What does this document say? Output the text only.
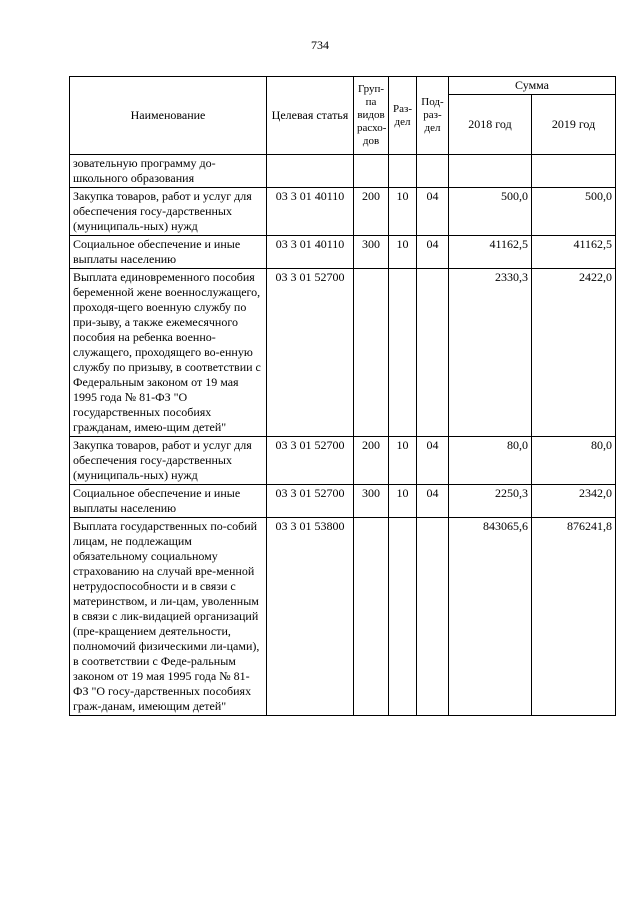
734
Наименование	Целевая статья	Груп-па видов расхо-дов	Раз-дел	Под-раз-дел	Сумма	
					2018 год	2019 год
зовательную программу до-школьного образования						
Закупка товаров, работ и услуг для обеспечения госу-дарственных (муниципаль-ных) нужд	03 3 01 40110	200	10	04	500,0	500,0
Социальное обеспечение и иные выплаты населению	03 3 01 40110	300	10	04	41162,5	41162,5
Выплата единовременного пособия беременной жене военнослужащего, проходя-щего военную службу по при-зыву, а также ежемесячного пособия на ребенка военно-служащего, проходящего во-енную службу по призыву, в соответствии с Федеральным законом от 19 мая 1995 года № 81-ФЗ "О государственных пособиях гражданам, имею-щим детей"	03 3 01 52700				2330,3	2422,0
Закупка товаров, работ и услуг для обеспечения госу-дарственных (муниципаль-ных) нужд	03 3 01 52700	200	10	04	80,0	80,0
Социальное обеспечение и иные выплаты населению	03 3 01 52700	300	10	04	2250,3	2342,0
Выплата государственных по-собий лицам, не подлежащим обязательному социальному страхованию на случай вре-менной нетрудоспособности и в связи с материнством, и ли-цам, уволенным в связи с лик-видацией организаций (пре-кращением деятельности, полномочий физическими ли-цами), в соответствии с Феде-ральным законом от 19 мая 1995 года № 81-ФЗ "О госу-дарственных пособиях граж-данам, имеющим детей"	03 3 01 53800				843065,6	876241,8
